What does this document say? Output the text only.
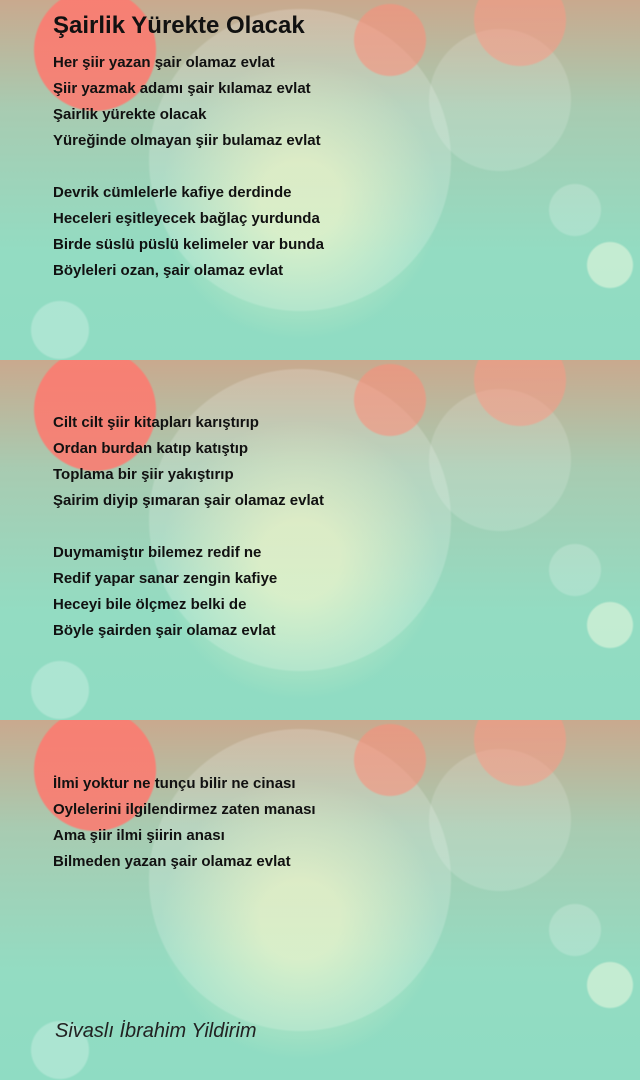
Şairlik Yürekte Olacak
Her şiir yazan şair olamaz evlat
Şiir yazmak adamı şair kılamaz evlat
Şairlik yürekte olacak
Yüreğinde olmayan şiir bulamaz evlat
Devrik cümlelerle kafiye derdinde
Heceleri eşitleyecek bağlaç yurdunda
Birde süslü püslü kelimeler var bunda
Böyleleri ozan, şair olamaz evlat
Cilt cilt şiir kitapları karıştırıp
Ordan burdan katıp katıştıp
Toplama bir şiir yakıştırıp
Şairim diyip şımaran şair olamaz evlat
Duymamiştır bilemez redif ne
Redif yapar sanar zengin kafiye
Heceyi bile ölçmez belki de
Böyle şairden şair olamaz evlat
İlmi yoktur ne tunçu bilir ne cinası
Oylelerini ilgilendirmez zaten manası
Ama şiir ilmi şiirin anası
Bilmeden yazan şair olamaz evlat
Sivaslı İbrahim Yildirim
